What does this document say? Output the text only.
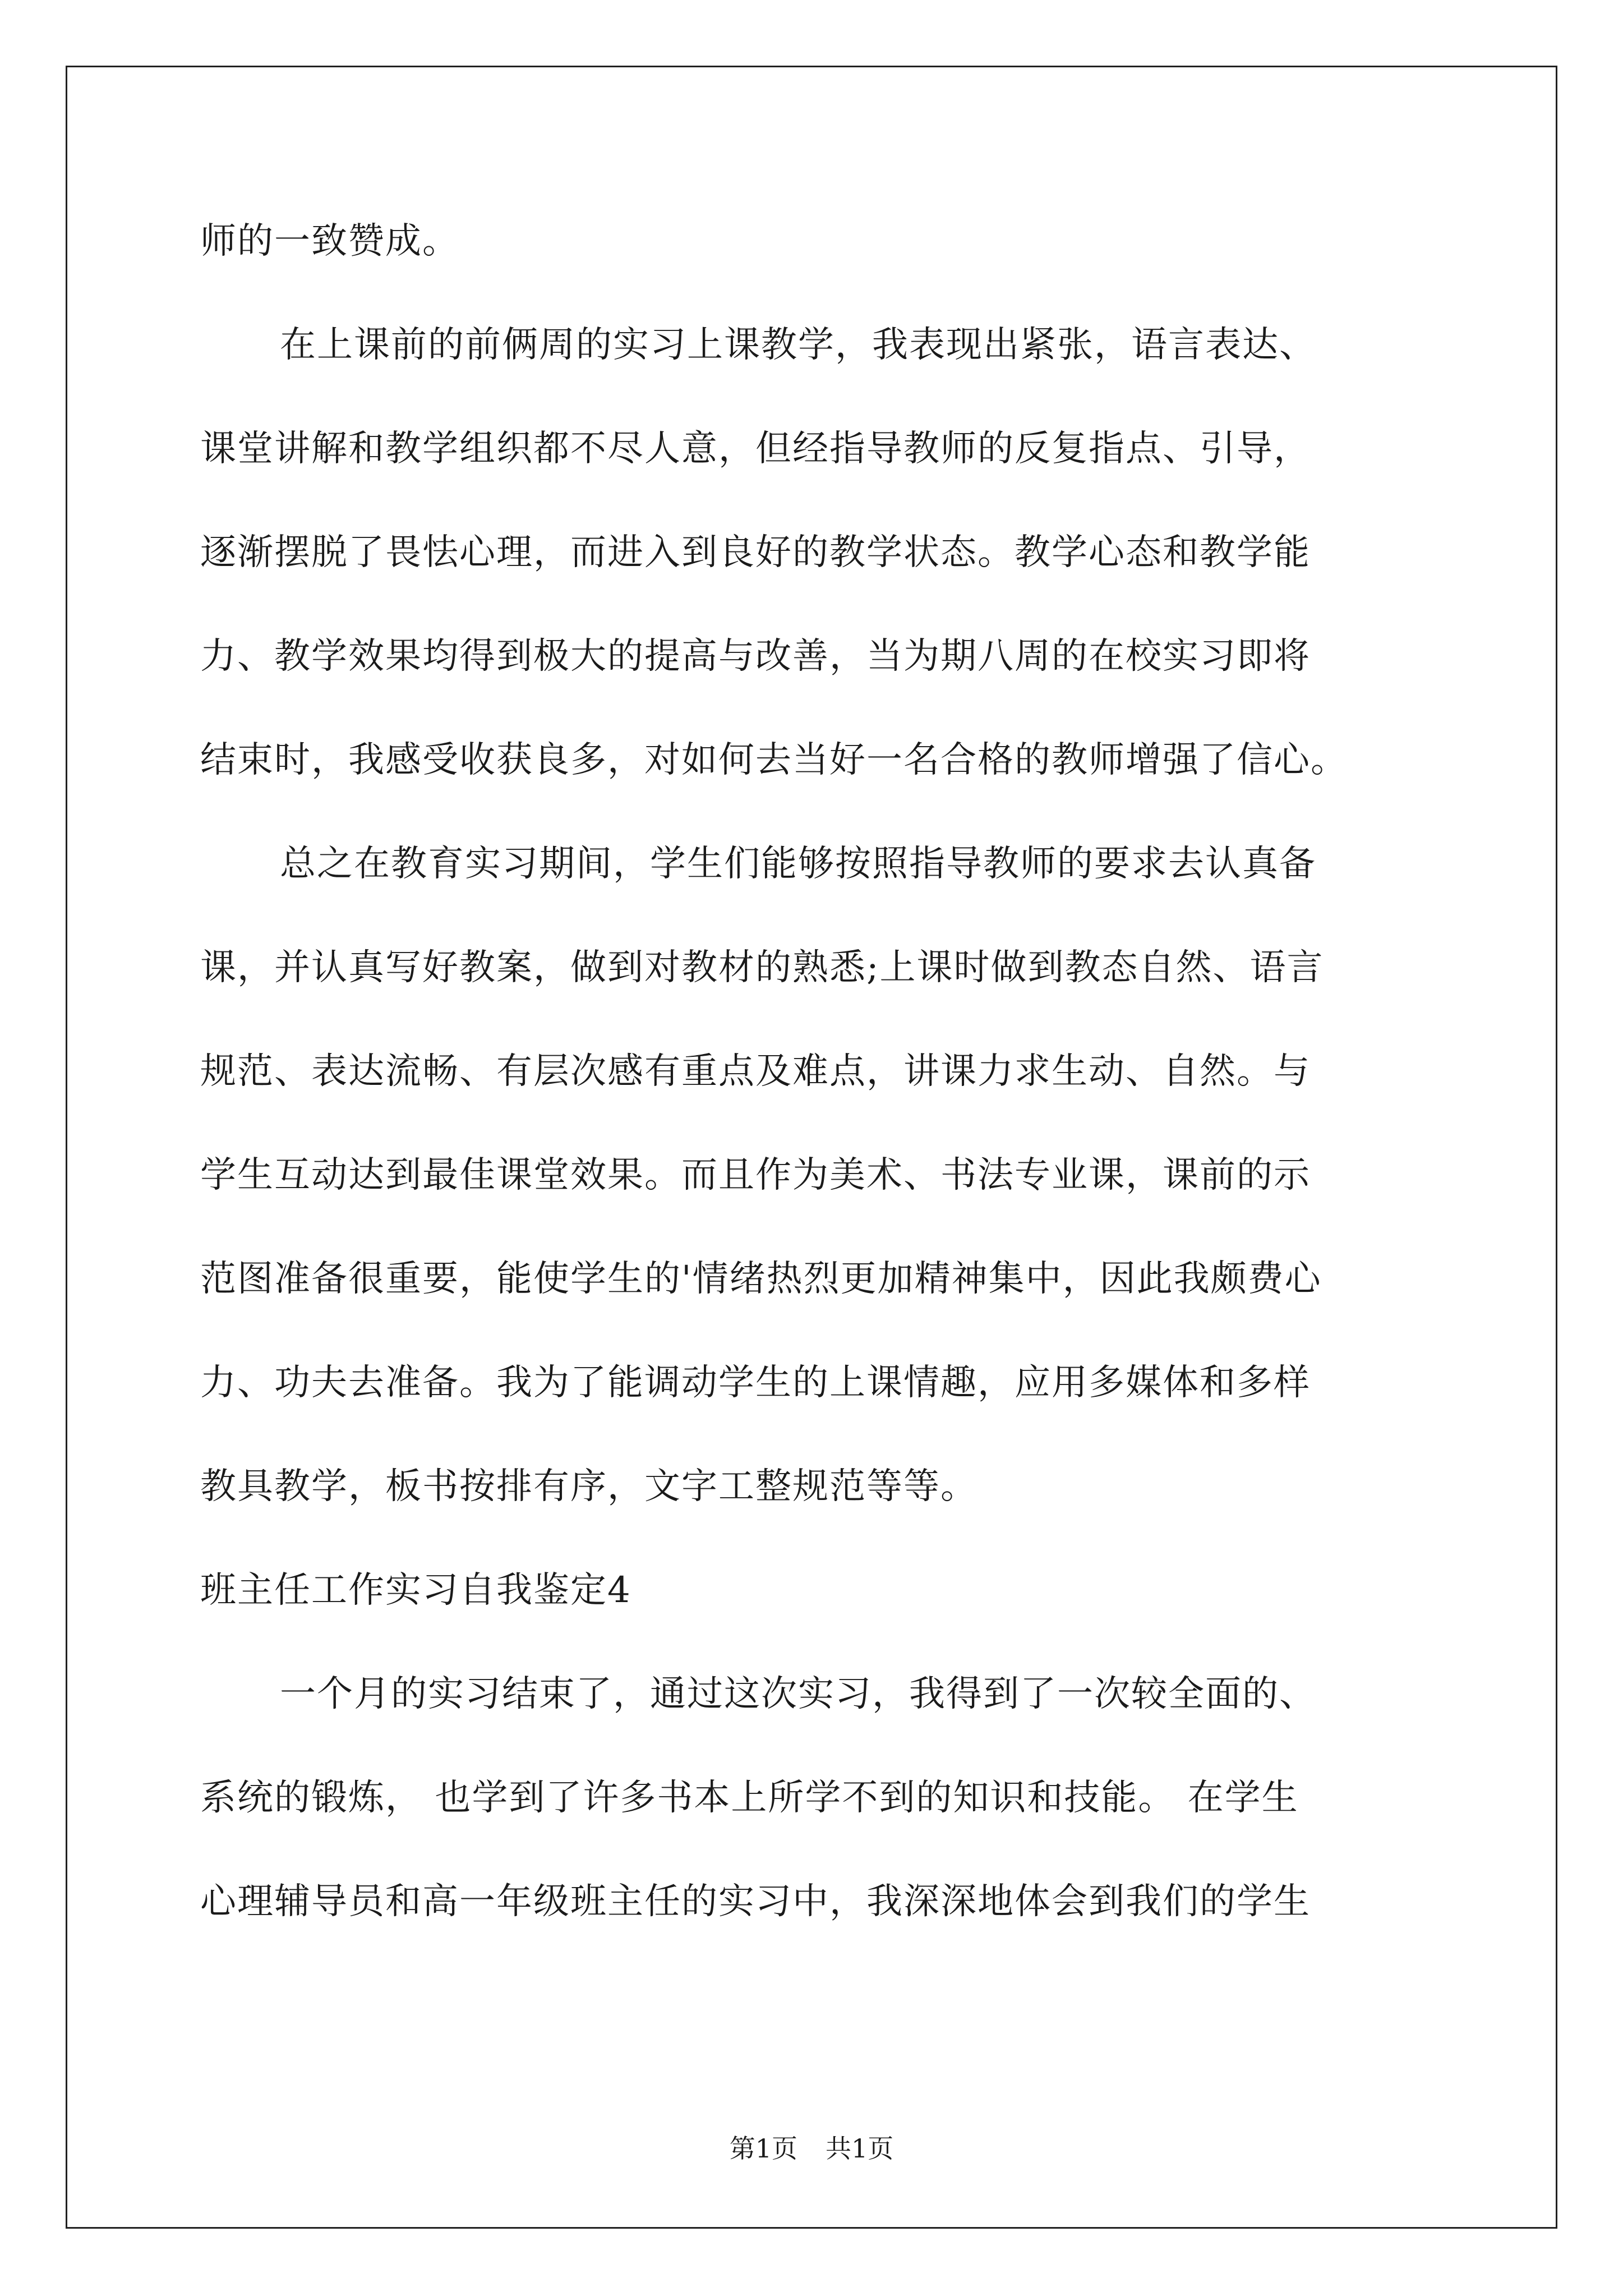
师的一致赞成。
在上课前的前俩周的实习上课教学，我表现出紧张，语言表达、
课堂讲解和教学组织都不尽人意，但经指导教师的反复指点、引导，
逐渐摆脱了畏怯心理，而进入到良好的教学状态。教学心态和教学能
力、教学效果均得到极大的提高与改善，当为期八周的在校实习即将
结束时，我感受收获良多，对如何去当好一名合格的教师增强了信心。
总之在教育实习期间，学生们能够按照指导教师的要求去认真备
课，并认真写好教案，做到对教材的熟悉;上课时做到教态自然、语言
规范、表达流畅、有层次感有重点及难点，讲课力求生动、自然。与
学生互动达到最佳课堂效果。而且作为美术、书法专业课，课前的示
范图准备很重要，能使学生的'情绪热烈更加精神集中，因此我颇费心
力、功夫去准备。我为了能调动学生的上课情趣，应用多媒体和多样
教具教学，板书按排有序，文字工整规范等等。
班主任工作实习自我鉴定4
一个月的实习结束了，通过这次实习，我得到了一次较全面的、
系统的锻炼， 也学到了许多书本上所学不到的知识和技能。 在学生
心理辅导员和高一年级班主任的实习中，我深深地体会到我们的学生
第1页 共1页
